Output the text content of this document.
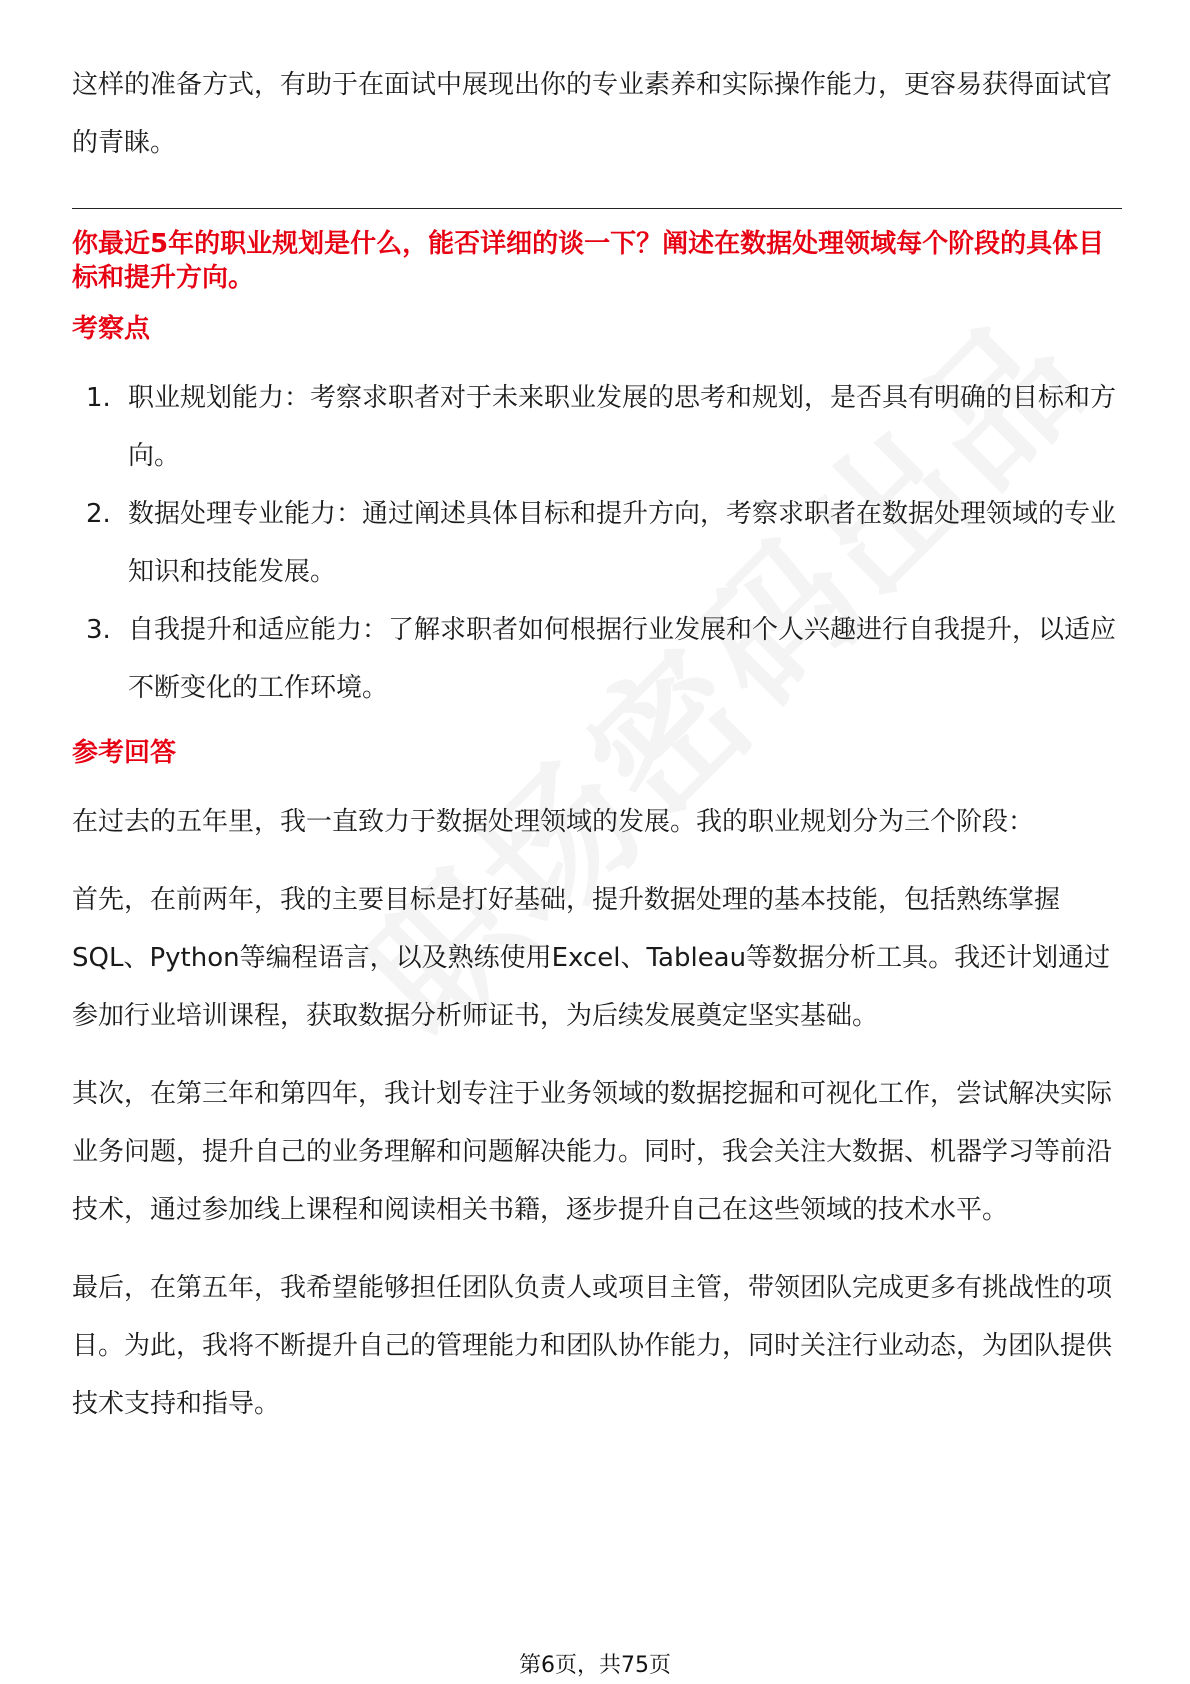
这样的准备方式，有助于在面试中展现出你的专业素养和实际操作能力，更容易获得面试官的青睐。

你最近5年的职业规划是什么，能否详细的谈一下？阐述在数据处理领域每个阶段的具体目标和提升方向。

考察点
1. 职业规划能力：考察求职者对于未来职业发展的思考和规划，是否具有明确的目标和方向。
2. 数据处理专业能力：通过阐述具体目标和提升方向，考察求职者在数据处理领域的专业知识和技能发展。
3. 自我提升和适应能力：了解求职者如何根据行业发展和个人兴趣进行自我提升，以适应不断变化的工作环境。
参考回答

在过去的五年里，我一直致力于数据处理领域的发展。我的职业规划分为三个阶段：

首先，在前两年，我的主要目标是打好基础，提升数据处理的基本技能，包括熟练掌握SQL、Python等编程语言，以及熟练使用Excel、Tableau等数据分析工具。我还计划通过参加行业培训课程，获取数据分析师证书，为后续发展奠定坚实基础。

其次，在第三年和第四年，我计划专注于业务领域的数据挖掘和可视化工作，尝试解决实际业务问题，提升自己的业务理解和问题解决能力。同时，我会关注大数据、机器学习等前沿技术，通过参加线上课程和阅读相关书籍，逐步提升自己在这些领域的技术水平。

最后，在第五年，我希望能够担任团队负责人或项目主管，带领团队完成更多有挑战性的项目。为此，我将不断提升自己的管理能力和团队协作能力，同时关注行业动态，为团队提供技术支持和指导。

第6页，共75页
